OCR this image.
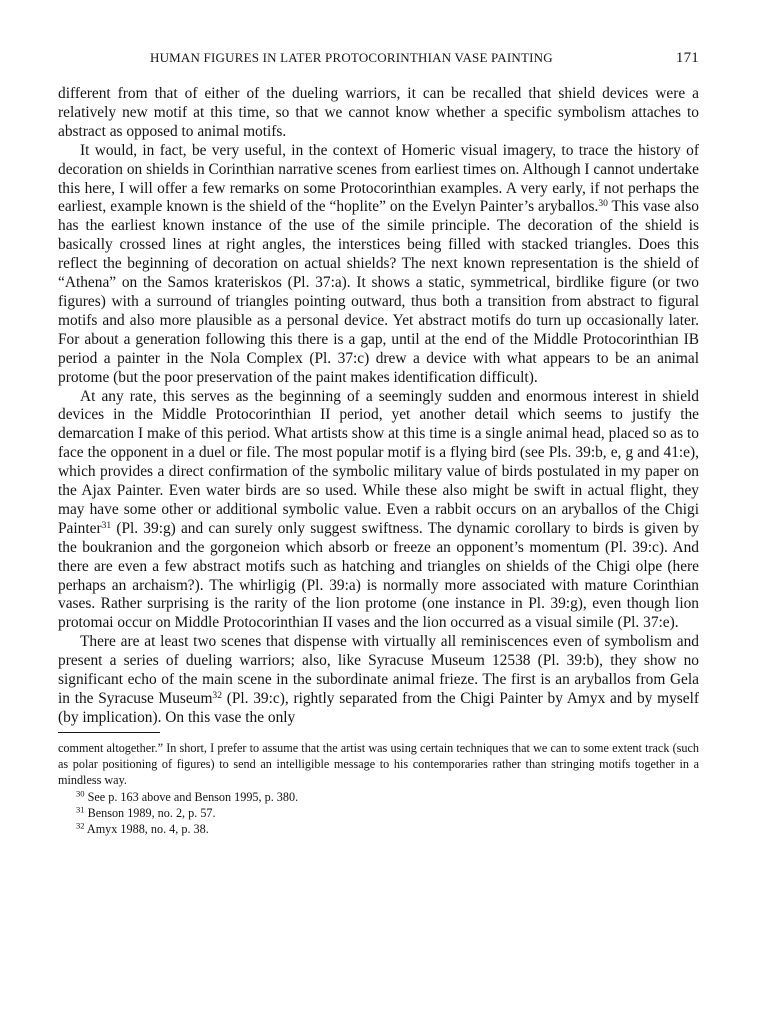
HUMAN FIGURES IN LATER PROTOCORINTHIAN VASE PAINTING	171

different from that of either of the dueling warriors, it can be recalled that shield devices were a relatively new motif at this time, so that we cannot know whether a specific symbolism attaches to abstract as opposed to animal motifs.

It would, in fact, be very useful, in the context of Homeric visual imagery, to trace the history of decoration on shields in Corinthian narrative scenes from earliest times on. Although I cannot undertake this here, I will offer a few remarks on some Protocorinthian examples. A very early, if not perhaps the earliest, example known is the shield of the “hoplite” on the Evelyn Painter’s aryballos.$^{30}$ This vase also has the earliest known instance of the use of the simile principle. The decoration of the shield is basically crossed lines at right angles, the interstices being filled with stacked triangles. Does this reflect the beginning of decoration on actual shields? The next known representation is the shield of “Athena” on the Samos krateriskos (Pl. 37:a). It shows a static, symmetrical, birdlike figure (or two figures) with a surround of triangles pointing outward, thus both a transition from abstract to figural motifs and also more plausible as a personal device. Yet abstract motifs do turn up occasionally later. For about a generation following this there is a gap, until at the end of the Middle Protocorinthian IB period a painter in the Nola Complex (Pl. 37:c) drew a device with what appears to be an animal protome (but the poor preservation of the paint makes identification difficult).

At any rate, this serves as the beginning of a seemingly sudden and enormous interest in shield devices in the Middle Protocorinthian II period, yet another detail which seems to justify the demarcation I make of this period. What artists show at this time is a single animal head, placed so as to face the opponent in a duel or file. The most popular motif is a flying bird (see Pls. 39:b, e, g and 41:e), which provides a direct confirmation of the symbolic military value of birds postulated in my paper on the Ajax Painter. Even water birds are so used. While these also might be swift in actual flight, they may have some other or additional symbolic value. Even a rabbit occurs on an aryballos of the Chigi Painter$^{31}$ (Pl. 39:g) and can surely only suggest swiftness. The dynamic corollary to birds is given by the boukranion and the gorgoneion which absorb or freeze an opponent’s momentum (Pl. 39:c). And there are even a few abstract motifs such as hatching and triangles on shields of the Chigi olpe (here perhaps an archaism?). The whirligig (Pl. 39:a) is normally more associated with mature Corinthian vases. Rather surprising is the rarity of the lion protome (one instance in Pl. 39:g), even though lion protomai occur on Middle Protocorinthian II vases and the lion occurred as a visual simile (Pl. 37:e).

There are at least two scenes that dispense with virtually all reminiscences even of symbolism and present a series of dueling warriors; also, like Syracuse Museum 12538 (Pl. 39:b), they show no significant echo of the main scene in the subordinate animal frieze. The first is an aryballos from Gela in the Syracuse Museum$^{32}$ (Pl. 39:c), rightly separated from the Chigi Painter by Amyx and by myself (by implication). On this vase the only

comment altogether.” In short, I prefer to assume that the artist was using certain techniques that we can to some extent track (such as polar positioning of figures) to send an intelligible message to his contemporaries rather than stringing motifs together in a mindless way.

$^{30}$ See p. 163 above and Benson 1995, p. 380.

$^{31}$ Benson 1989, no. 2, p. 57.

$^{32}$ Amyx 1988, no. 4, p. 38.
